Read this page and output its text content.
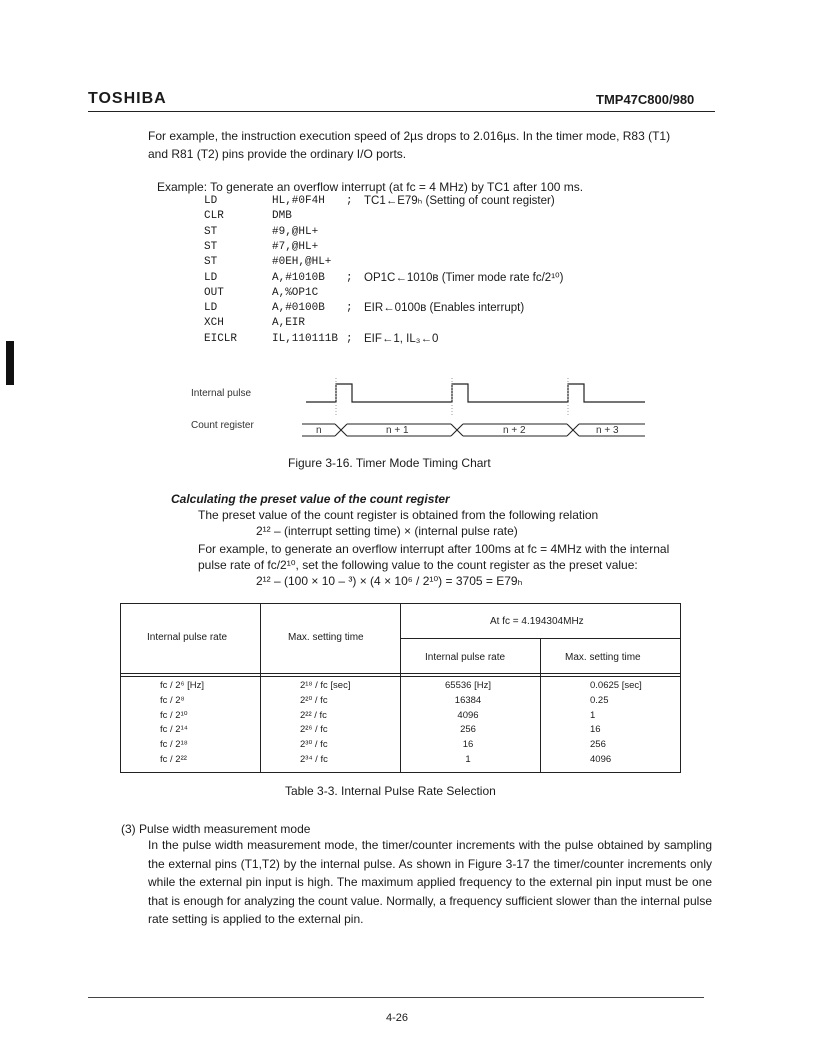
TOSHIBA	TMP47C800/980
For example, the instruction execution speed of 2µs drops to 2.016µs. In the timer mode, R83 (T1)
and R81 (T2) pins provide the ordinary I/O ports.
Example: To generate an overflow interrupt (at fc = 4 MHz) by TC1 after 100 ms.
LD	HL,#0F4H ; TC1←E79ₕ (Setting of count register)
CLR	DMB
ST	#9,@HL+
ST	#7,@HL+
ST	#0EH,@HL+
LD	A,#1010B ; OP1C←1010ʙ (Timer mode rate fc/2¹⁰)
OUT	A,%OP1C
LD	A,#0100B ; EIR←0100ʙ (Enables interrupt)
XCH	A,EIR
EICLR	IL,110111B ; EIF←1, IL₃←0
Internal pulse
Count register	n	n + 1	n + 2	n + 3
Figure 3-16. Timer Mode Timing Chart
Calculating the preset value of the count register
The preset value of the count register is obtained from the following relation
2¹² – (interrupt setting time) × (internal pulse rate)
For example, to generate an overflow interrupt after 100ms at fc = 4MHz with the internal
pulse rate of fc/2¹⁰, set the following value to the count register as the preset value:
2¹² – (100 × 10 – ³) × (4 × 10⁶ / 2¹⁰) = 3705 = E79ₕ
Internal pulse rate	Max. setting time
At fc = 4.194304MHz
Internal pulse rate	Max. setting time
fc / 2⁶ [Hz]	2¹⁸ / fc [sec]	65536 [Hz]	0.0625 [sec]
fc / 2⁸	2²⁰ / fc	16384	0.25
fc / 2¹⁰	2²² / fc	4096	1
fc / 2¹⁴	2²⁶ / fc	256	16
fc / 2¹⁸	2³⁰ / fc	16	256
fc / 2²²	2³⁴ / fc	1	4096
Table 3-3. Internal Pulse Rate Selection
(3) Pulse width measurement mode
In the pulse width measurement mode, the timer/counter increments with the pulse obtained by sampling the external pins (T1,T2) by the internal pulse. As shown in Figure 3-17 the timer/counter increments only while the external pin input is high. The maximum applied frequency to the external pin input must be one that is enough for analyzing the count value. Normally, a frequency sufficient slower than the internal pulse rate setting is applied to the external pin.
4-26
